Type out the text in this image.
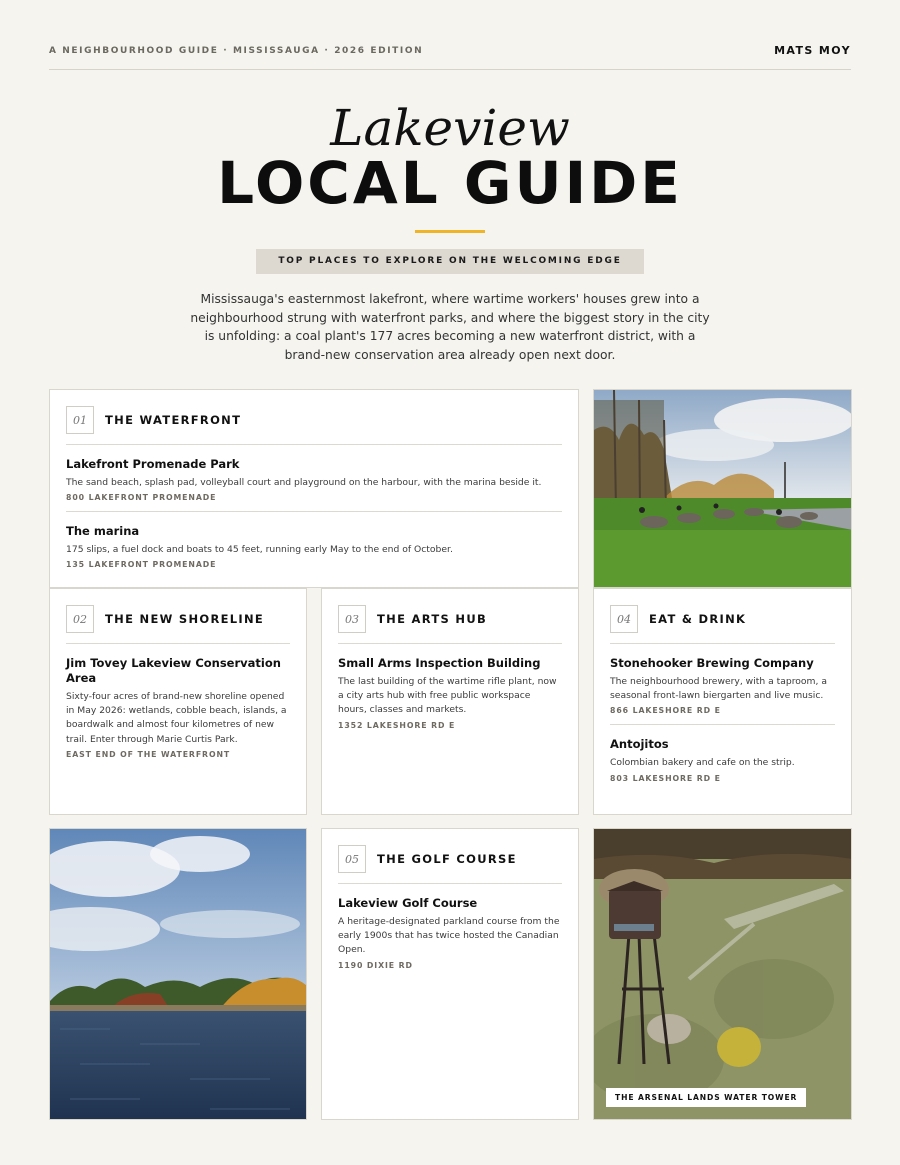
A NEIGHBOURHOOD GUIDE · MISSISSAUGA · 2026 EDITION	MATS MOY
Lakeview
LOCAL GUIDE
TOP PLACES TO EXPLORE ON THE WELCOMING EDGE

Mississauga's easternmost lakefront, where wartime workers' houses grew into a neighbourhood strung with waterfront parks, and where the biggest story in the city is unfolding: a coal plant's 177 acres becoming a new waterfront district, with a brand-new conservation area already open next door.

01	THE WATERFRONT
Lakefront Promenade Park
The sand beach, splash pad, volleyball court and playground on the harbour, with the marina beside it.
800 LAKEFRONT PROMENADE
The marina
175 slips, a fuel dock and boats to 45 feet, running early May to the end of October.
135 LAKEFRONT PROMENADE
02	THE NEW SHORELINE
Jim Tovey Lakeview Conservation Area
Sixty-four acres of brand-new shoreline opened in May 2026: wetlands, cobble beach, islands, a boardwalk and almost four kilometres of new trail. Enter through Marie Curtis Park.
EAST END OF THE WATERFRONT
03	THE ARTS HUB
Small Arms Inspection Building
The last building of the wartime rifle plant, now a city arts hub with free public workspace hours, classes and markets.
1352 LAKESHORE RD E
04	EAT & DRINK
Stonehooker Brewing Company
The neighbourhood brewery, with a taproom, a seasonal front-lawn biergarten and live music.
866 LAKESHORE RD E
Antojitos
Colombian bakery and cafe on the strip.
803 LAKESHORE RD E
05	THE GOLF COURSE
Lakeview Golf Course
A heritage-designated parkland course from the early 1900s that has twice hosted the Canadian Open.
1190 DIXIE RD
THE ARSENAL LANDS WATER TOWER
